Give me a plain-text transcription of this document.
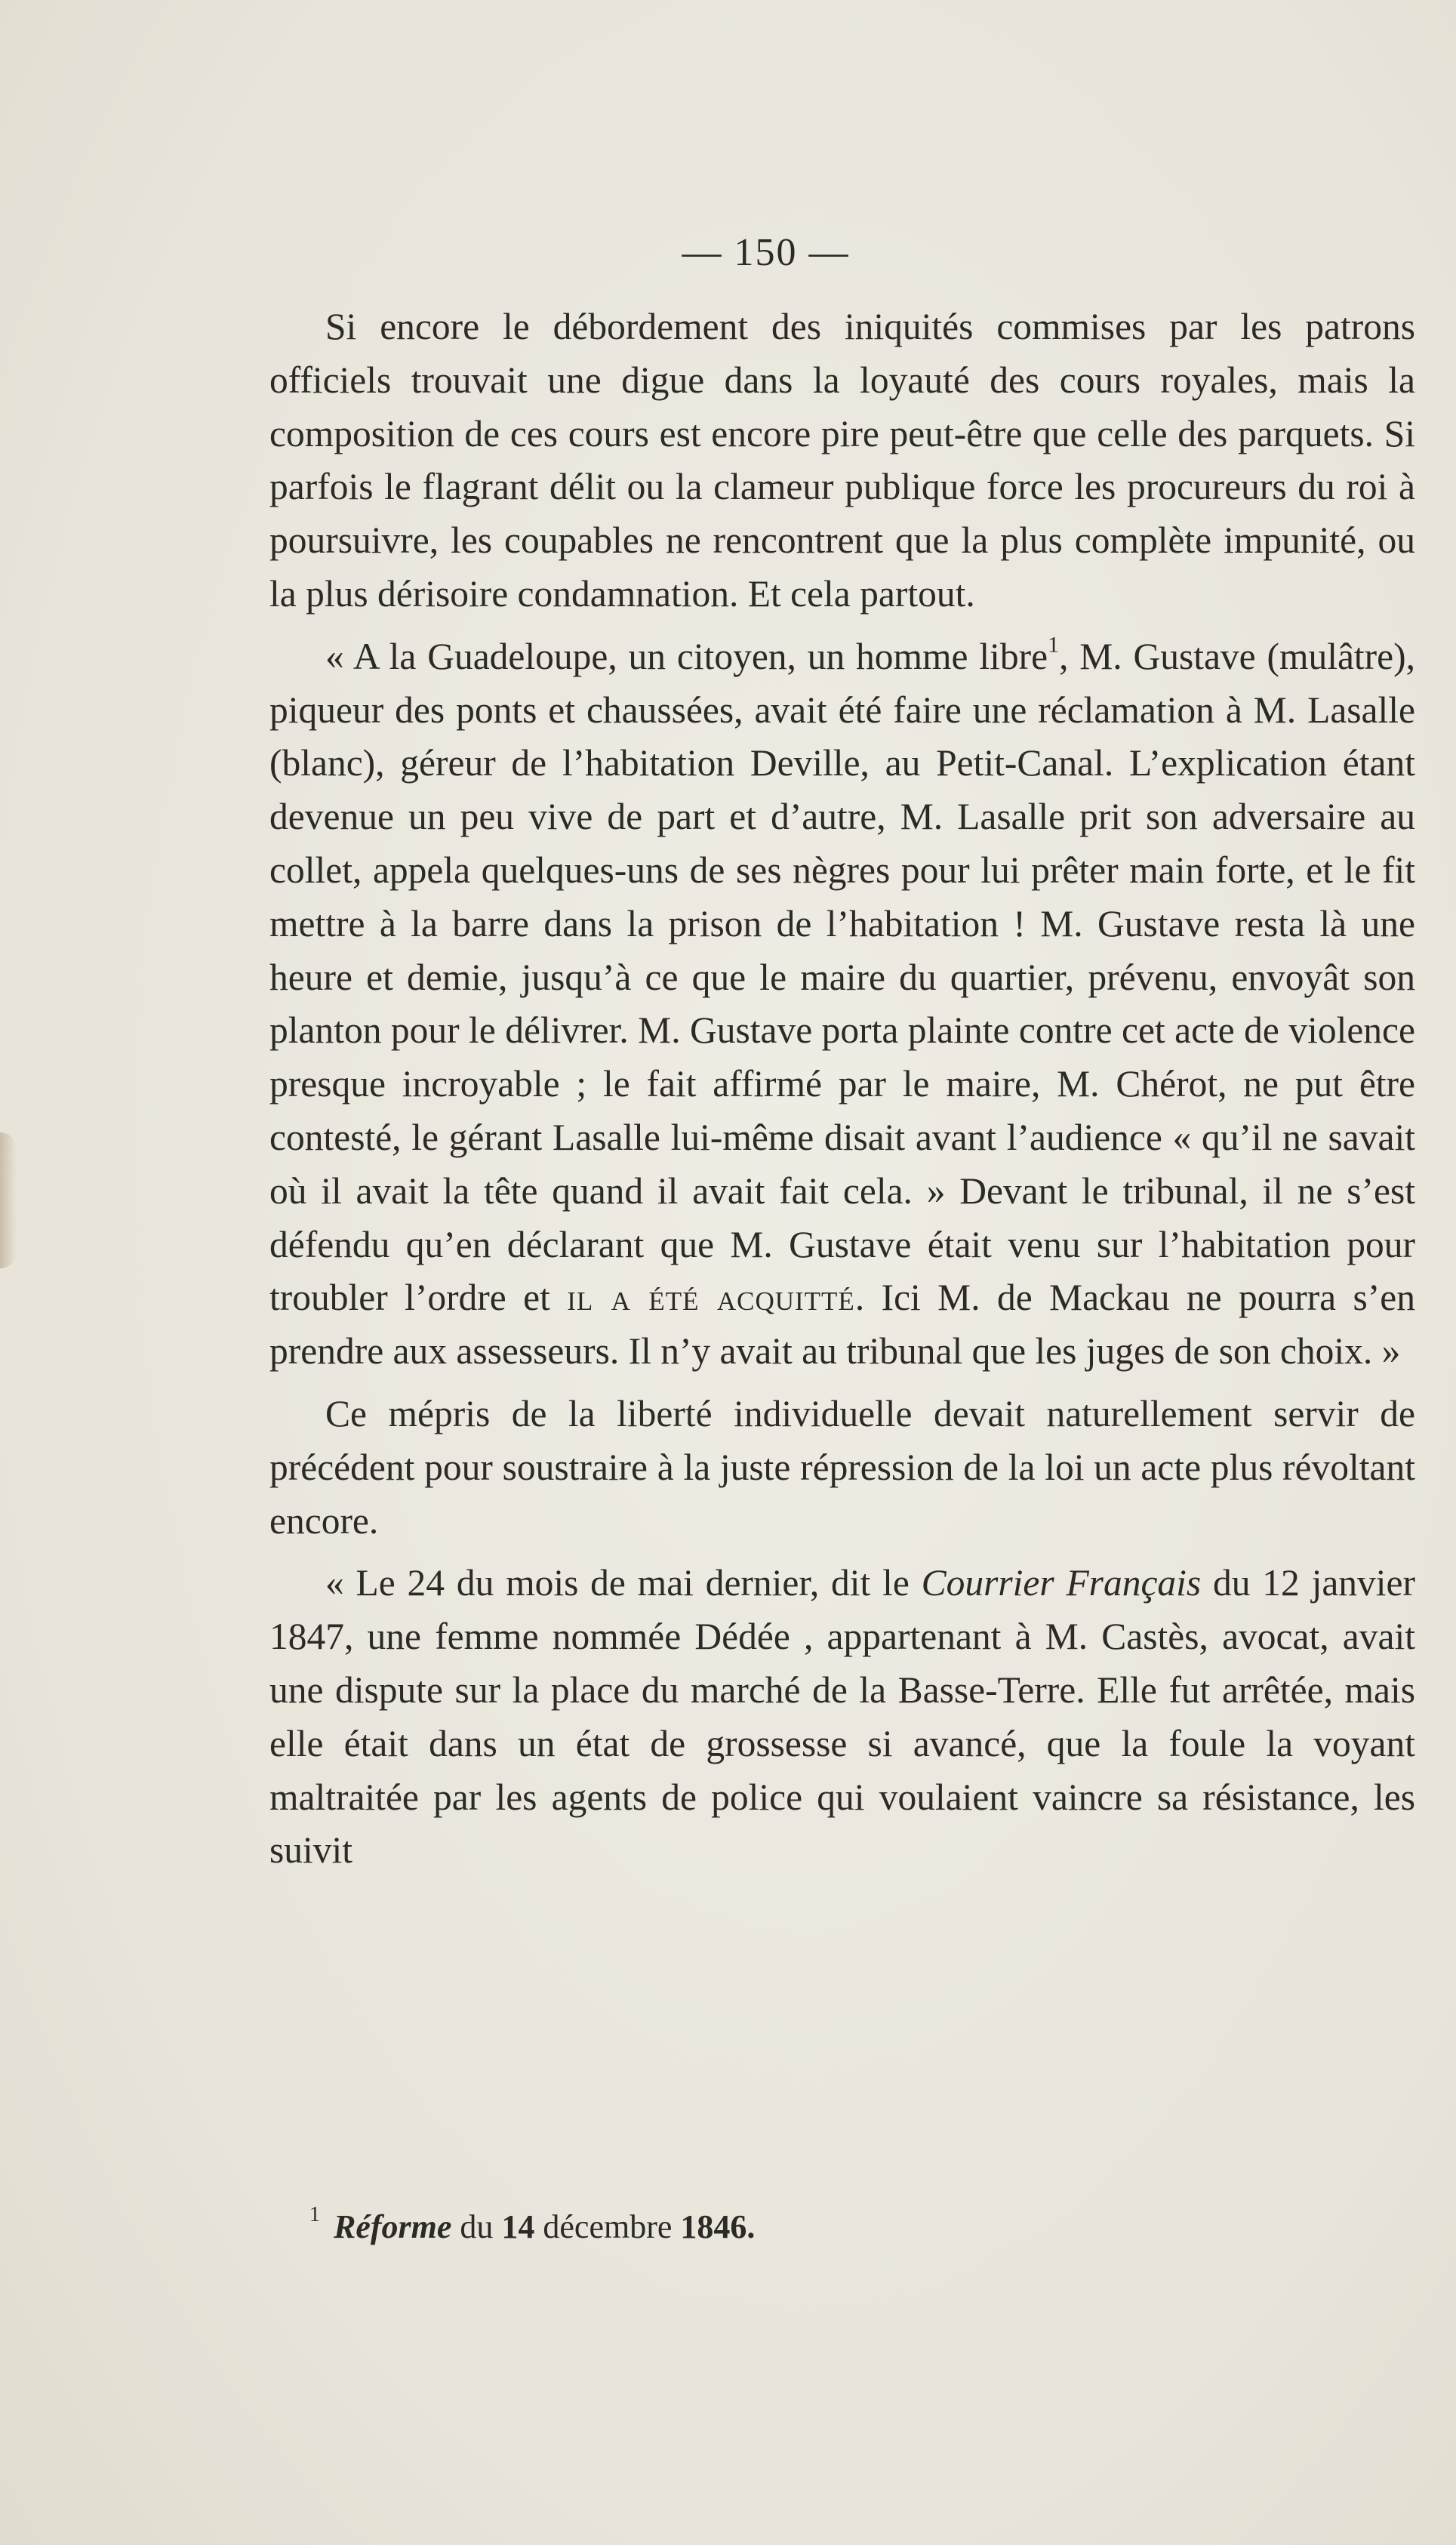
— 150 —

Si encore le débordement des iniquités commises par les patrons officiels trouvait une digue dans la loyauté des cours royales, mais la composition de ces cours est encore pire peut-être que celle des parquets. Si parfois le flagrant délit ou la clameur publique force les procureurs du roi à poursuivre, les coupables ne rencontrent que la plus complète impunité, ou la plus dérisoire condamnation. Et cela partout.

« A la Guadeloupe, un citoyen, un homme libre$^1$, M. Gustave (mulâtre), piqueur des ponts et chaussées, avait été faire une réclamation à M. Lasalle (blanc), géreur de l’habitation Deville, au Petit-Canal. L’explication étant devenue un peu vive de part et d’autre, M. Lasalle prit son adversaire au collet, appela quelques-uns de ses nègres pour lui prêter main forte, et le fit mettre à la barre dans la prison de l’habitation ! M. Gustave resta là une heure et demie, jusqu’à ce que le maire du quartier, prévenu, envoyât son planton pour le délivrer. M. Gustave porta plainte contre cet acte de violence presque incroyable ; le fait affirmé par le maire, M. Chérot, ne put être contesté, le gérant Lasalle lui-même disait avant l’audience « qu’il ne savait où il avait la tête quand il avait fait cela. » Devant le tribunal, il ne s’est défendu qu’en déclarant que M. Gustave était venu sur l’habitation pour troubler l’ordre et il a été acquitté. Ici M. de Mackau ne pourra s’en prendre aux assesseurs. Il n’y avait au tribunal que les juges de son choix. »

Ce mépris de la liberté individuelle devait naturellement servir de précédent pour soustraire à la juste répression de la loi un acte plus révoltant encore.

« Le 24 du mois de mai dernier, dit le Courrier Français du 12 janvier 1847, une femme nommée Dédée , appartenant à M. Castès, avocat, avait une dispute sur la place du marché de la Basse-Terre. Elle fut arrêtée, mais elle était dans un état de grossesse si avancé, que la foule la voyant maltraitée par les agents de police qui voulaient vaincre sa résistance, les suivit

$^1$ Réforme du 14 décembre 1846.
